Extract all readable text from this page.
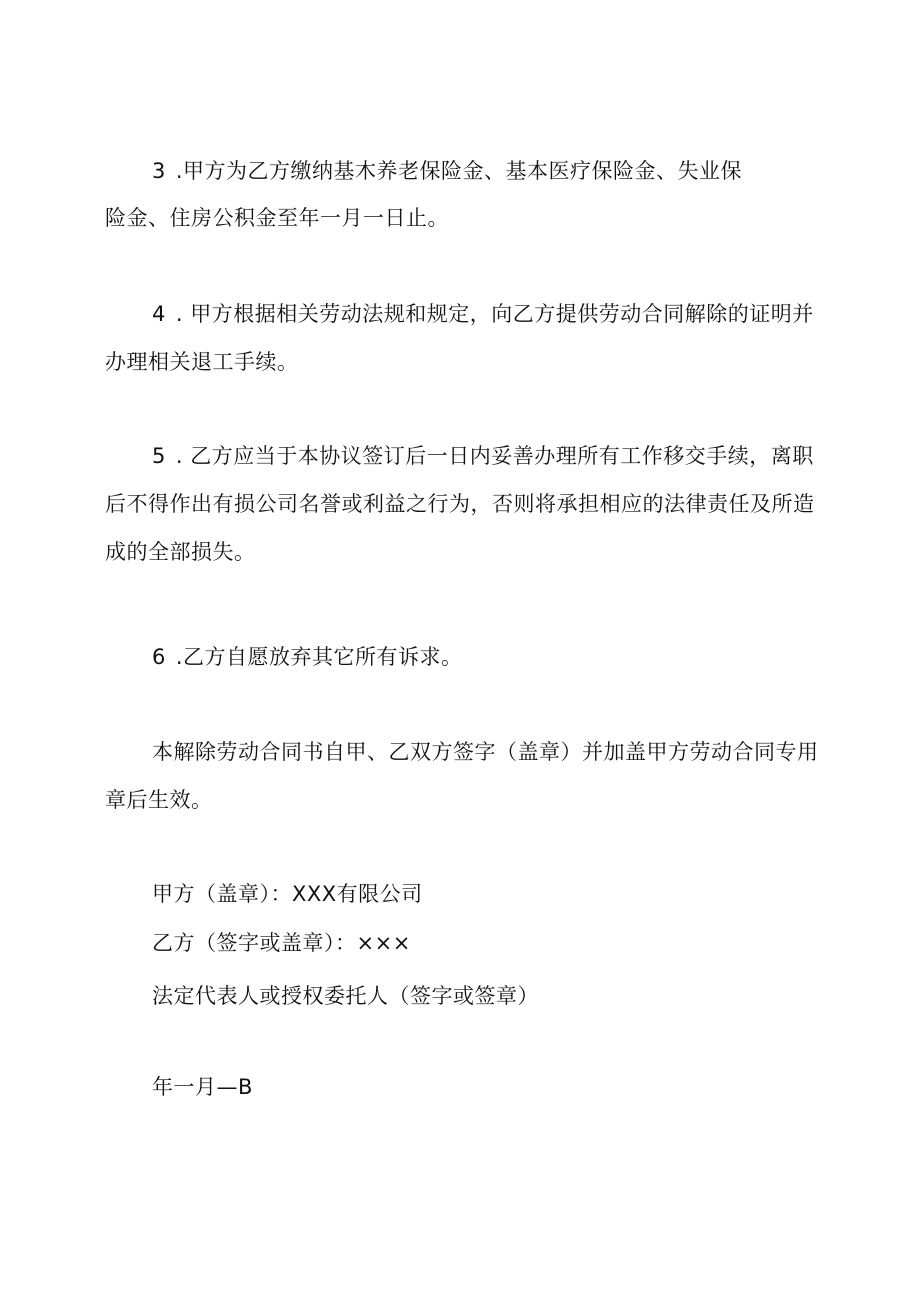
3 .甲方为乙方缴纳基木养老保险金、基本医疗保险金、失业保
险金、住房公积金至年一月一日止。
4 . 甲方根据相关劳动法规和规定，向乙方提供劳动合同解除的证明并
办理相关退工手续。
5 . 乙方应当于本协议签订后一日内妥善办理所有工作移交手续，离职
后不得作出有损公司名誉或利益之行为，否则将承担相应的法律责任及所造
成的全部损失。
6 .乙方自愿放弃其它所有诉求。
本解除劳动合同书自甲、乙双方签字（盖章）并加盖甲方劳动合同专用
章后生效。
甲方（盖章）：XXX有限公司
乙方（签字或盖章）：×××
法定代表人或授权委托人（签字或签章）
年一月—B
